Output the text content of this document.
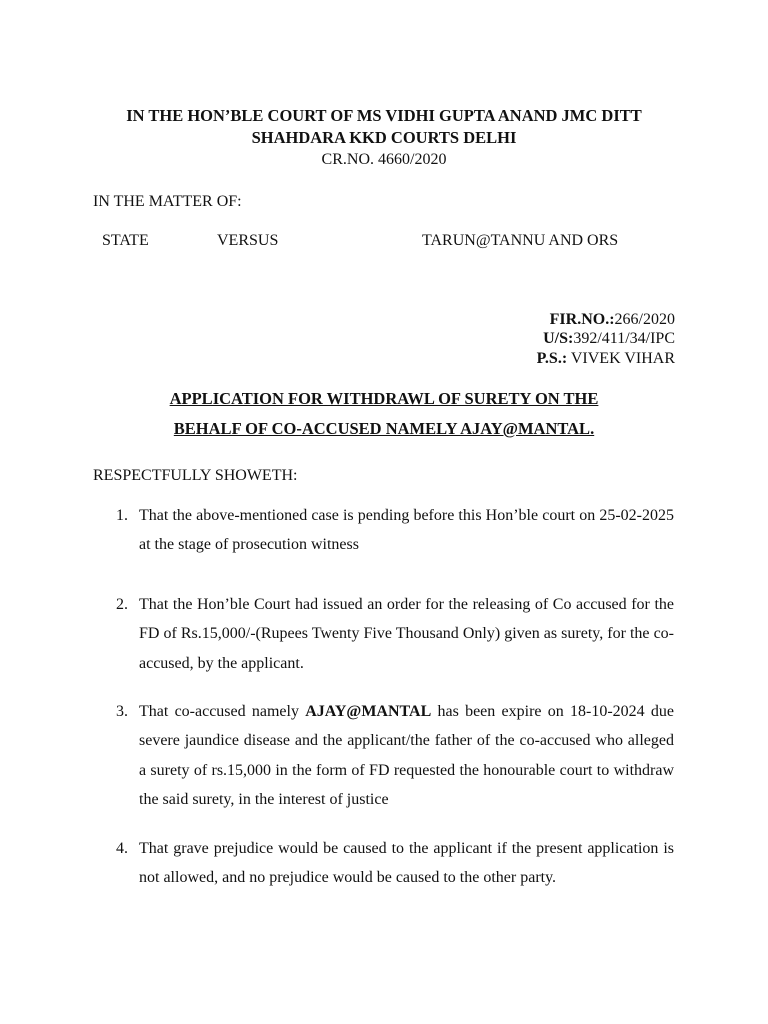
IN THE HON’BLE COURT OF MS VIDHI GUPTA ANAND JMC DITT
SHAHDARA KKD COURTS DELHI
CR.NO. 4660/2020
IN THE MATTER OF:
STATE	VERSUS	TARUN@TANNU AND ORS
FIR.NO.:266/2020
U/S:392/411/34/IPC
P.S.: VIVEK VIHAR
APPLICATION FOR WITHDRAWL OF SURETY ON THE
BEHALF OF CO-ACCUSED NAMELY AJAY@MANTAL.
RESPECTFULLY SHOWETH:
1. That the above-mentioned case is pending before this Hon’ble court on 25-02-2025 at the stage of prosecution witness
2. That the Hon’ble Court had issued an order for the releasing of Co accused for the FD of Rs.15,000/-(Rupees Twenty Five Thousand Only) given as surety, for the co-accused, by the applicant.
3. That co-accused namely AJAY@MANTAL has been expire on 18-10-2024 due severe jaundice disease and the applicant/the father of the co-accused who alleged a surety of rs.15,000 in the form of FD requested the honourable court to withdraw the said surety, in the interest of justice
4. That grave prejudice would be caused to the applicant if the present application is not allowed, and no prejudice would be caused to the other party.
